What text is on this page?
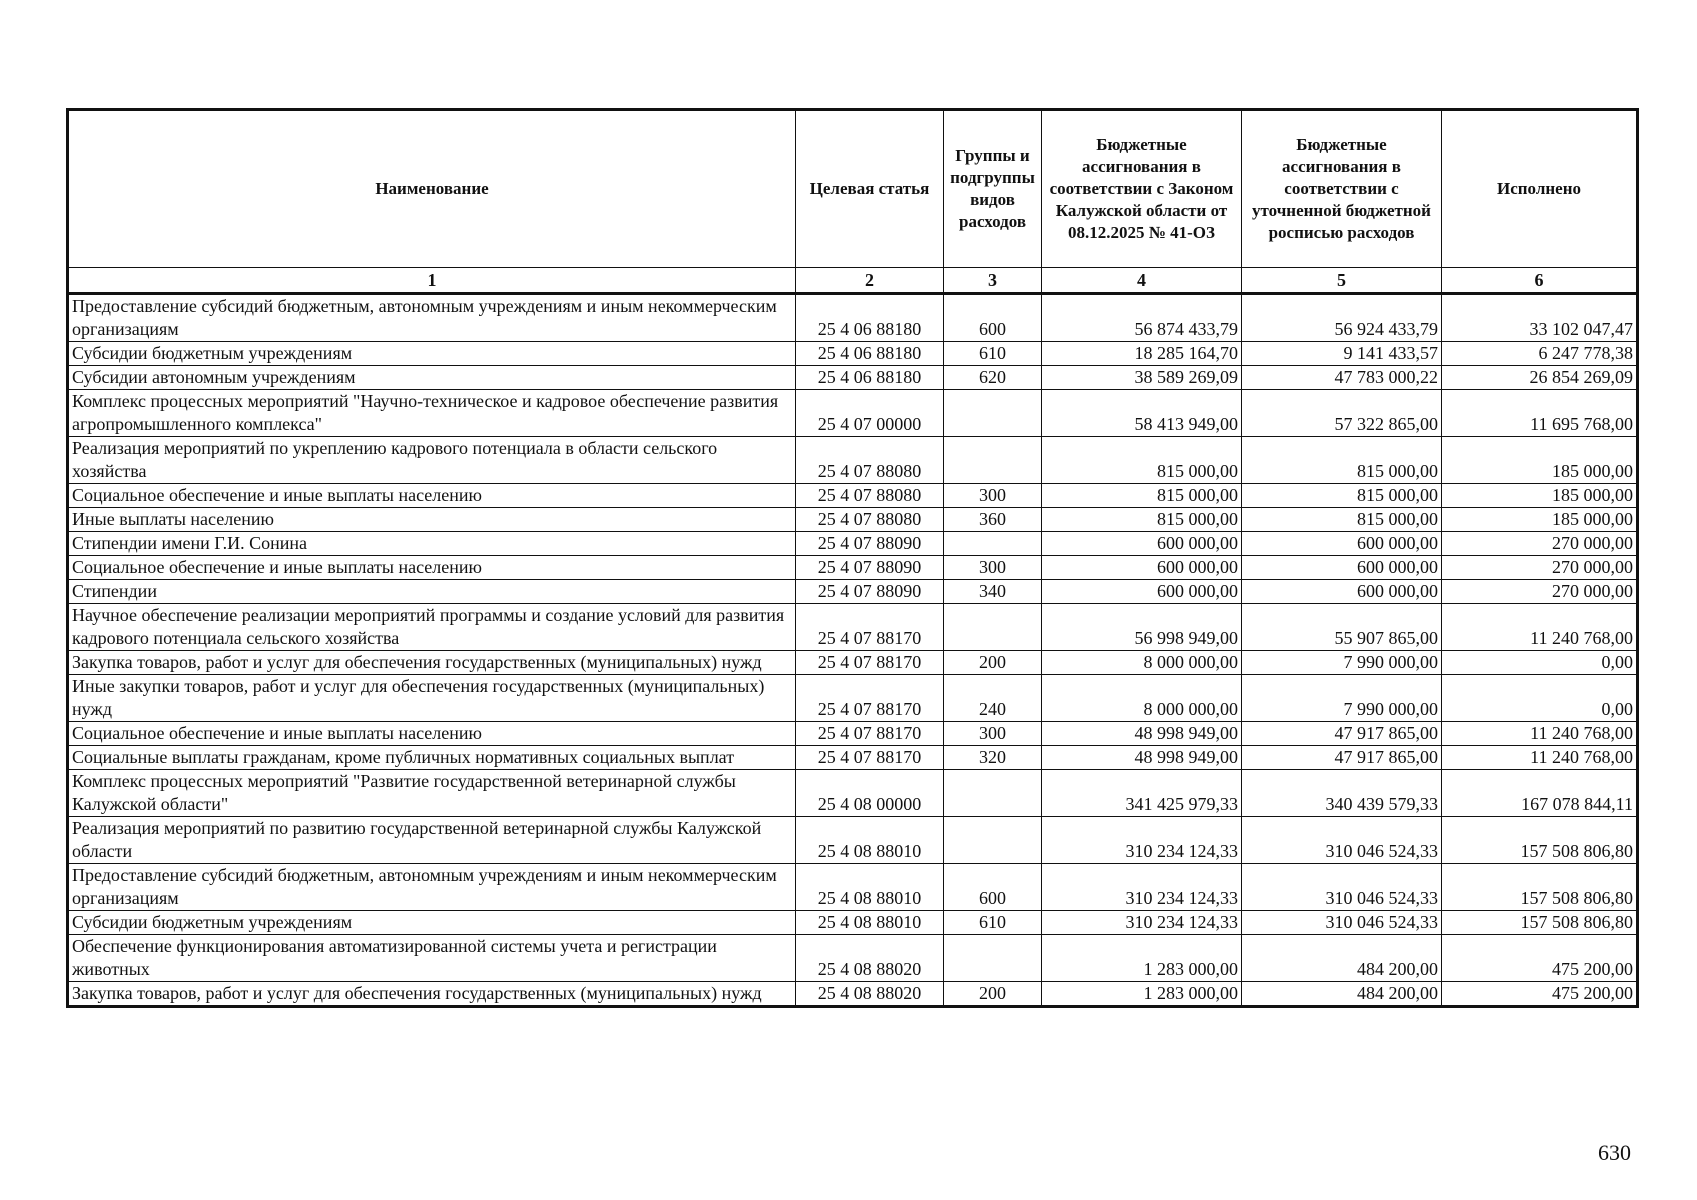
Наименование	Целевая статья	Группы и подгруппы видов расходов	Бюджетные ассигнования в соответствии с Законом Калужской области от 08.12.2025 № 41-ОЗ	Бюджетные ассигнования в соответствии с уточненной бюджетной росписью расходов	Исполнено
1	2	3	4	5	6
Предоставление субсидий бюджетным, автономным учреждениям и иным некоммерческим организациям	25 4 06 88180	600	56 874 433,79	56 924 433,79	33 102 047,47
Субсидии бюджетным учреждениям	25 4 06 88180	610	18 285 164,70	9 141 433,57	6 247 778,38
Субсидии автономным учреждениям	25 4 06 88180	620	38 589 269,09	47 783 000,22	26 854 269,09
Комплекс процессных мероприятий "Научно-техническое и кадровое обеспечение развития агропромышленного комплекса"	25 4 07 00000		58 413 949,00	57 322 865,00	11 695 768,00
Реализация мероприятий по укреплению кадрового потенциала в области сельского хозяйства	25 4 07 88080		815 000,00	815 000,00	185 000,00
Социальное обеспечение и иные выплаты населению	25 4 07 88080	300	815 000,00	815 000,00	185 000,00
Иные выплаты населению	25 4 07 88080	360	815 000,00	815 000,00	185 000,00
Стипендии имени Г.И. Сонина	25 4 07 88090		600 000,00	600 000,00	270 000,00
Социальное обеспечение и иные выплаты населению	25 4 07 88090	300	600 000,00	600 000,00	270 000,00
Стипендии	25 4 07 88090	340	600 000,00	600 000,00	270 000,00
Научное обеспечение реализации мероприятий программы и создание условий для развития кадрового потенциала сельского хозяйства	25 4 07 88170		56 998 949,00	55 907 865,00	11 240 768,00
Закупка товаров, работ и услуг для обеспечения государственных (муниципальных) нужд	25 4 07 88170	200	8 000 000,00	7 990 000,00	0,00
Иные закупки товаров, работ и услуг для обеспечения государственных (муниципальных) нужд	25 4 07 88170	240	8 000 000,00	7 990 000,00	0,00
Социальное обеспечение и иные выплаты населению	25 4 07 88170	300	48 998 949,00	47 917 865,00	11 240 768,00
Социальные выплаты гражданам, кроме публичных нормативных социальных выплат	25 4 07 88170	320	48 998 949,00	47 917 865,00	11 240 768,00
Комплекс процессных мероприятий "Развитие государственной ветеринарной службы Калужской области"	25 4 08 00000		341 425 979,33	340 439 579,33	167 078 844,11
Реализация мероприятий по развитию государственной ветеринарной службы Калужской области	25 4 08 88010		310 234 124,33	310 046 524,33	157 508 806,80
Предоставление субсидий бюджетным, автономным учреждениям и иным некоммерческим организациям	25 4 08 88010	600	310 234 124,33	310 046 524,33	157 508 806,80
Субсидии бюджетным учреждениям	25 4 08 88010	610	310 234 124,33	310 046 524,33	157 508 806,80
Обеспечение функционирования автоматизированной системы учета и регистрации животных	25 4 08 88020		1 283 000,00	484 200,00	475 200,00
Закупка товаров, работ и услуг для обеспечения государственных (муниципальных) нужд	25 4 08 88020	200	1 283 000,00	484 200,00	475 200,00
630
